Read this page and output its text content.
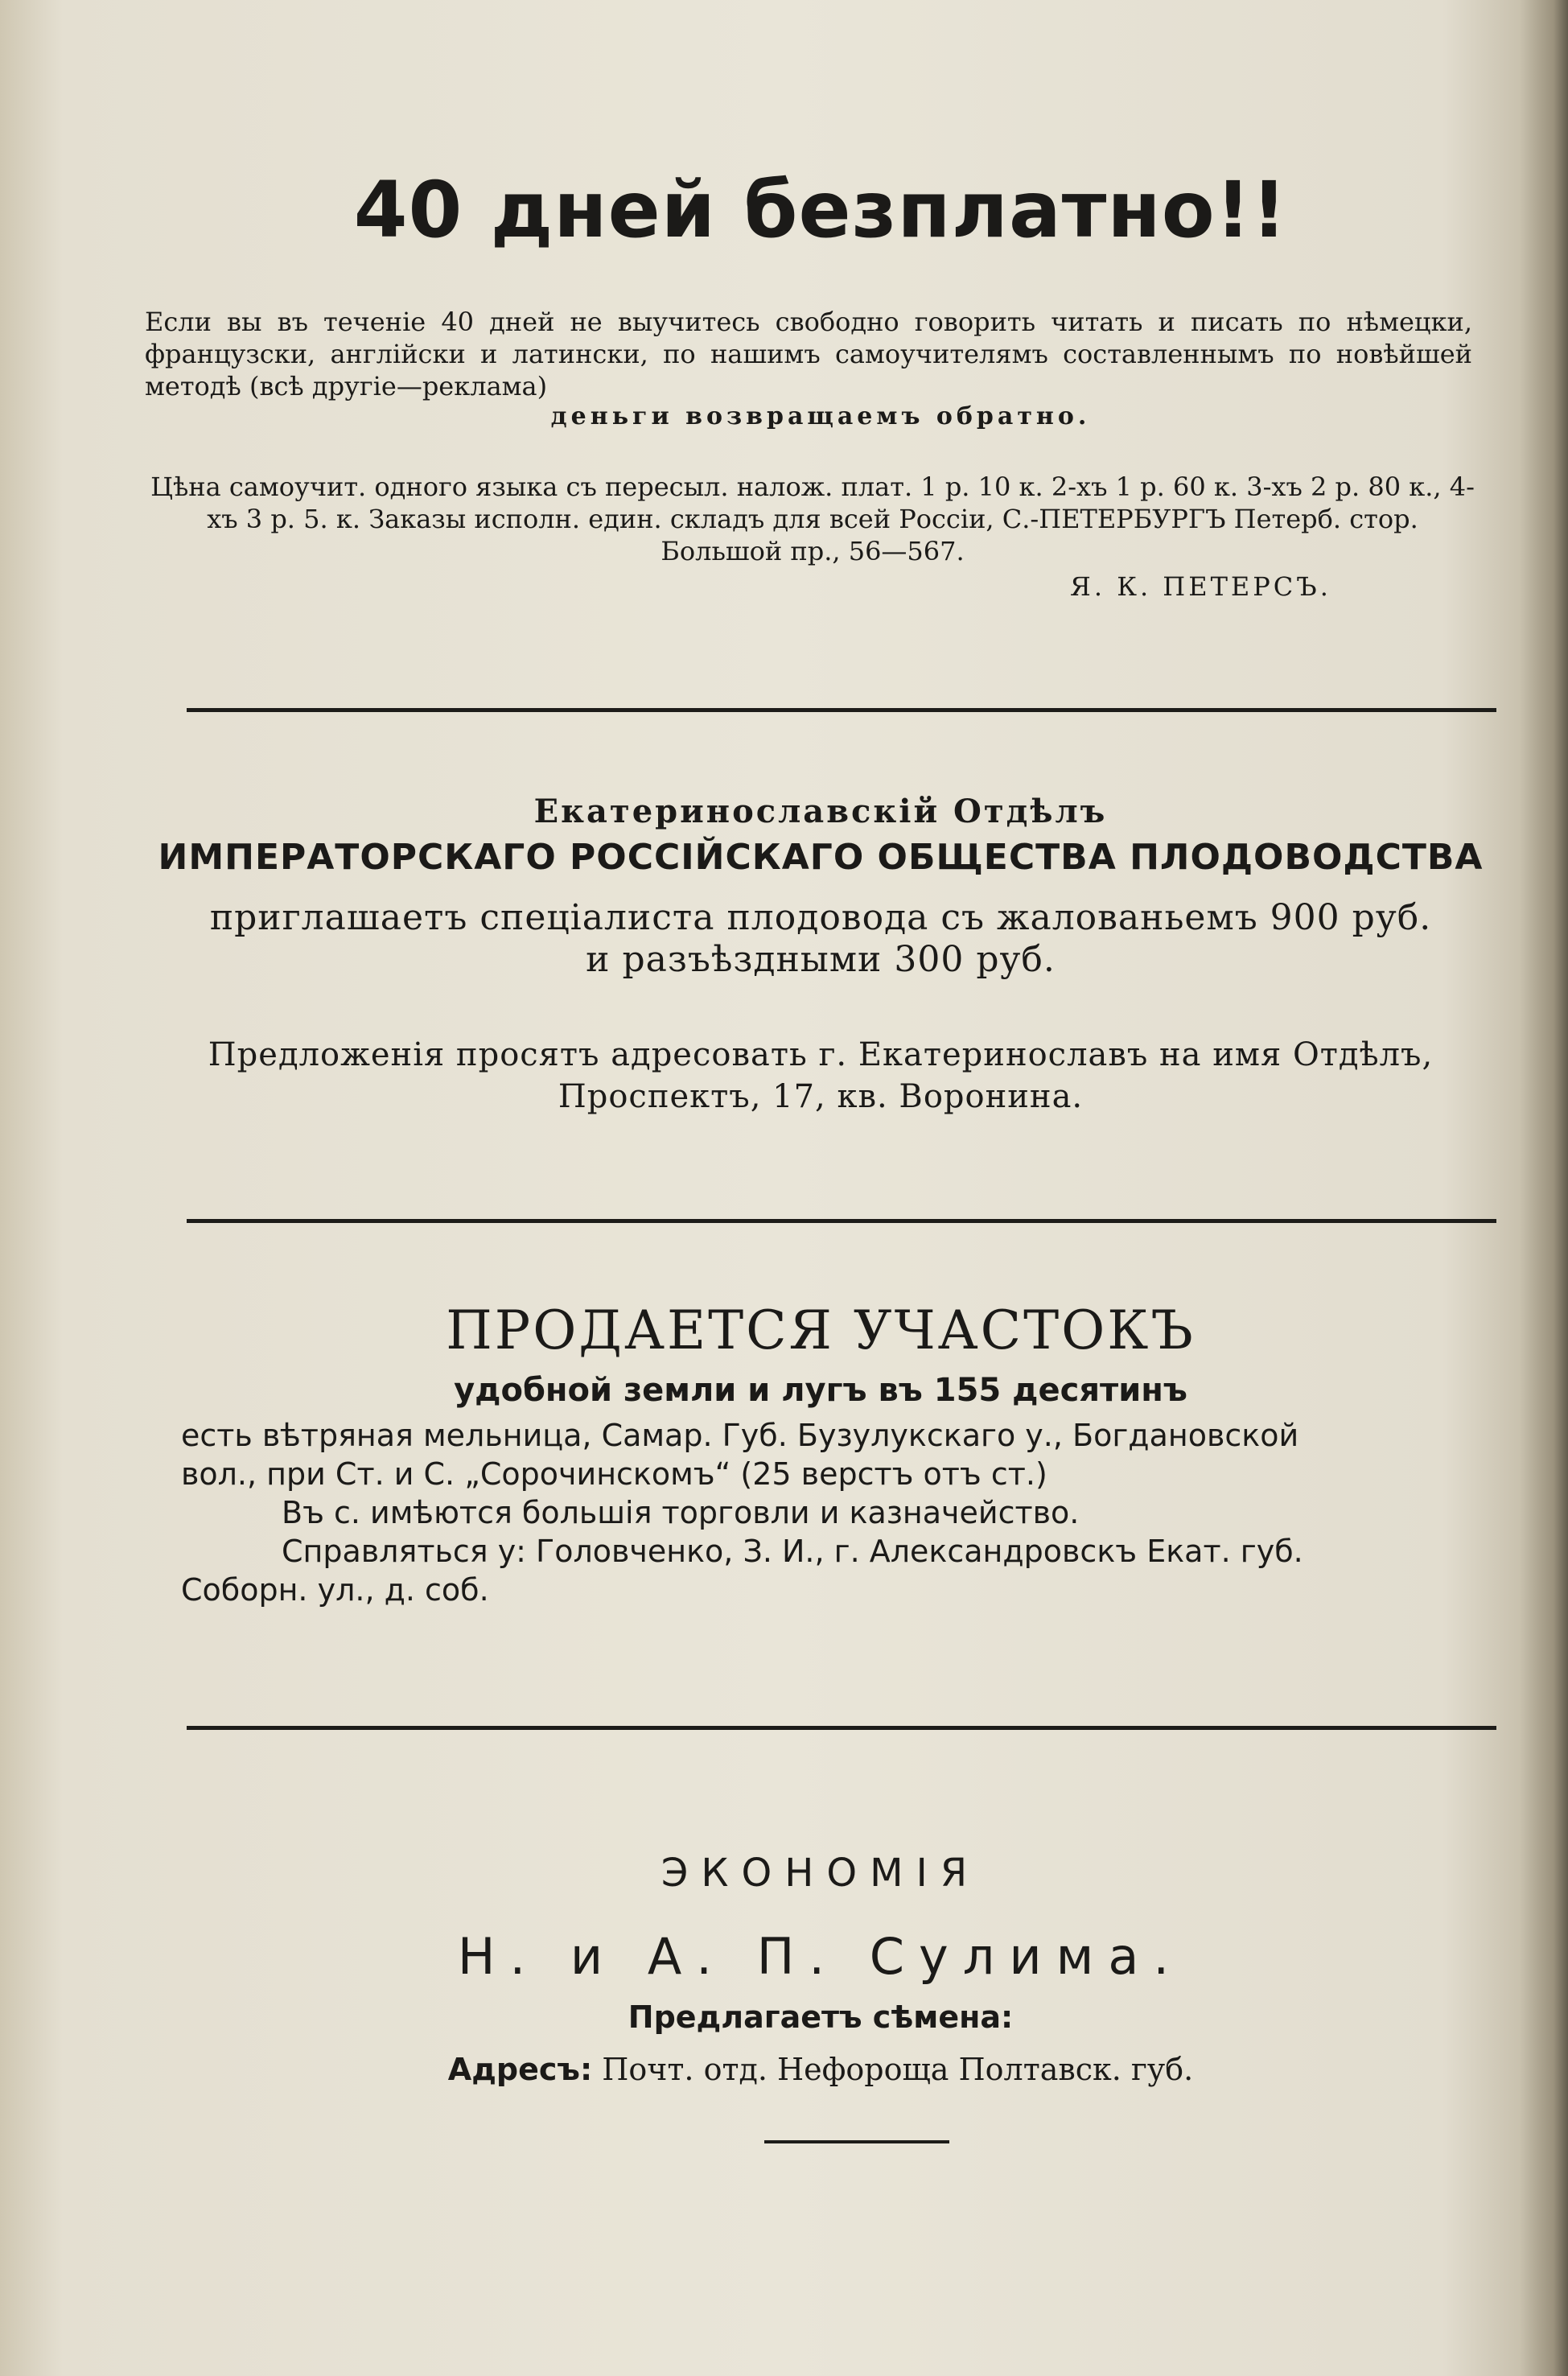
40 дней безплатно!!
Если вы въ теченіе 40 дней не выучитесь свободно говорить читать и писать по нѣмецки, французски, англійски и латински, по нашимъ самоучителямъ составленнымъ по новѣйшей методѣ (всѣ другіе—реклама)
деньги возвращаемъ обратно.
Цѣна самоучит. одного языка съ пересыл. налож. плат. 1 р. 10 к. 2-хъ 1 р. 60 к. 3-хъ 2 р. 80 к., 4-хъ 3 р. 5. к. Заказы исполн. един. складъ для всей Россіи, С.-ПЕТЕРБУРГЪ Петерб. стор. Большой пр., 56—567.
Я. К. ПЕТЕРСЪ.
Екатеринославскій Отдѣлъ
ИМПЕРАТОРСКАГО РОССІЙСКАГО ОБЩЕСТВА ПЛОДОВОДСТВА
приглашаетъ спеціалиста плодовода съ жалованьемъ 900 руб.
и разъѣздными 300 руб.
Предложенія просятъ адресовать г. Екатеринославъ на имя Отдѣлъ,
Проспектъ, 17, кв. Воронина.
ПРОДАЕТСЯ УЧАСТОКЪ
удобной земли и лугъ въ 155 десятинъ

есть вѣтряная мельница, Самар. Губ. Бузулукскаго у., Богдановской

вол., при Ст. и С. „Сорочинскомъ“ (25 верстъ отъ ст.)

Въ с. имѣются большія торговли и казначейство.

Справляться у: Головченко, З. И., г. Александровскъ Екат. губ.

Соборн. ул., д. соб.

ЭКОНОМІЯ
Н. и А. П. Сулима.
Предлагаетъ сѣмена:
Адресъ: Почт. отд. Нефороща Полтавск. губ.
